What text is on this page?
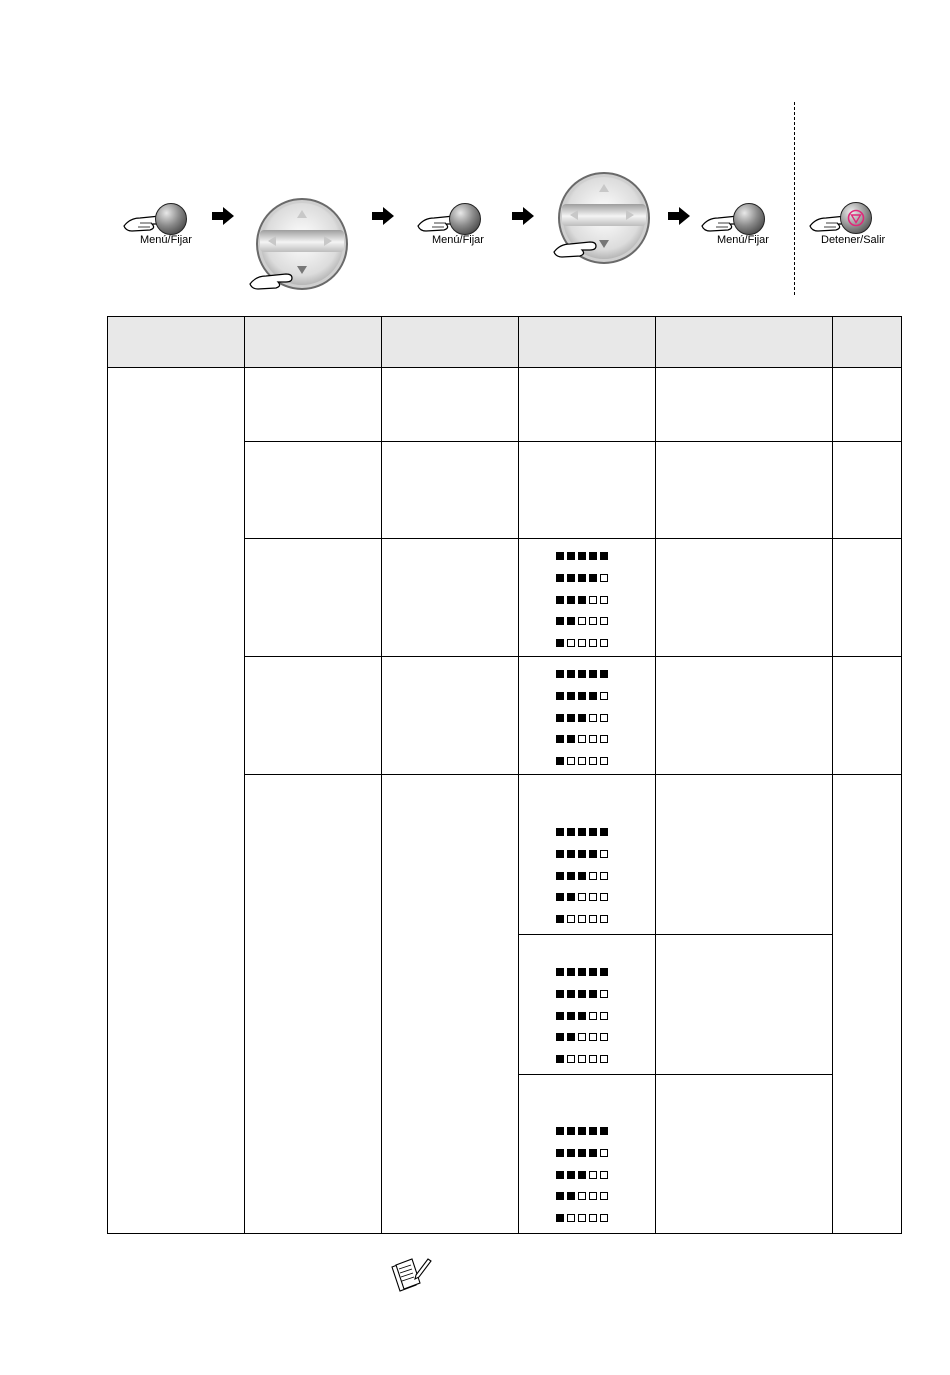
Menú/Fijar	Menú/Fijar	Menú/Fijar	Detener/Salir
